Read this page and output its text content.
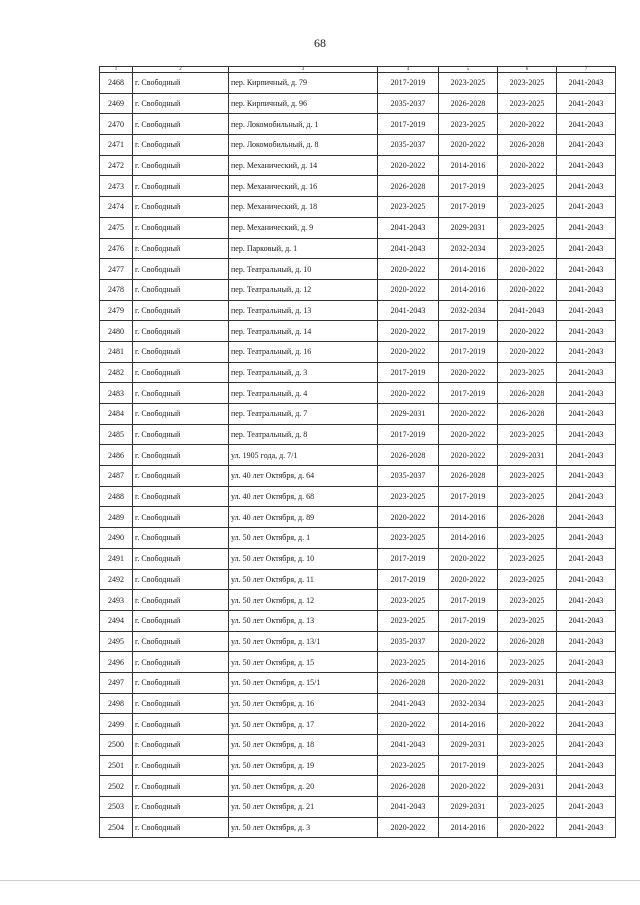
68
1	2	3	4	5	6	7
2468	г. Свободный	пер. Кирпичный, д. 79	2017-2019	2023-2025	2023-2025	2041-2043
2469	г. Свободный	пер. Кирпичный, д. 96	2035-2037	2026-2028	2023-2025	2041-2043
2470	г. Свободный	пер. Локомобильный, д. 1	2017-2019	2023-2025	2020-2022	2041-2043
2471	г. Свободный	пер. Локомобильный, д. 8	2035-2037	2020-2022	2026-2028	2041-2043
2472	г. Свободный	пер. Механический, д. 14	2020-2022	2014-2016	2020-2022	2041-2043
2473	г. Свободный	пер. Механический, д. 16	2026-2028	2017-2019	2023-2025	2041-2043
2474	г. Свободный	пер. Механический, д. 18	2023-2025	2017-2019	2023-2025	2041-2043
2475	г. Свободный	пер. Механический, д. 9	2041-2043	2029-2031	2023-2025	2041-2043
2476	г. Свободный	пер. Парковый, д. 1	2041-2043	2032-2034	2023-2025	2041-2043
2477	г. Свободный	пер. Театральный, д. 10	2020-2022	2014-2016	2020-2022	2041-2043
2478	г. Свободный	пер. Театральный, д. 12	2020-2022	2014-2016	2020-2022	2041-2043
2479	г. Свободный	пер. Театральный, д. 13	2041-2043	2032-2034	2041-2043	2041-2043
2480	г. Свободный	пер. Театральный, д. 14	2020-2022	2017-2019	2020-2022	2041-2043
2481	г. Свободный	пер. Театральный, д. 16	2020-2022	2017-2019	2020-2022	2041-2043
2482	г. Свободный	пер. Театральный, д. 3	2017-2019	2020-2022	2023-2025	2041-2043
2483	г. Свободный	пер. Театральный, д. 4	2020-2022	2017-2019	2026-2028	2041-2043
2484	г. Свободный	пер. Театральный, д. 7	2029-2031	2020-2022	2026-2028	2041-2043
2485	г. Свободный	пер. Театральный, д. 8	2017-2019	2020-2022	2023-2025	2041-2043
2486	г. Свободный	ул. 1905 года, д. 7/1	2026-2028	2020-2022	2029-2031	2041-2043
2487	г. Свободный	ул. 40 лет Октября, д. 64	2035-2037	2026-2028	2023-2025	2041-2043
2488	г. Свободный	ул. 40 лет Октября, д. 68	2023-2025	2017-2019	2023-2025	2041-2043
2489	г. Свободный	ул. 40 лет Октября, д. 89	2020-2022	2014-2016	2026-2028	2041-2043
2490	г. Свободный	ул. 50 лет Октября, д. 1	2023-2025	2014-2016	2023-2025	2041-2043
2491	г. Свободный	ул. 50 лет Октября, д. 10	2017-2019	2020-2022	2023-2025	2041-2043
2492	г. Свободный	ул. 50 лет Октября, д. 11	2017-2019	2020-2022	2023-2025	2041-2043
2493	г. Свободный	ул. 50 лет Октября, д. 12	2023-2025	2017-2019	2023-2025	2041-2043
2494	г. Свободный	ул. 50 лет Октября, д. 13	2023-2025	2017-2019	2023-2025	2041-2043
2495	г. Свободный	ул. 50 лет Октября, д. 13/1	2035-2037	2020-2022	2026-2028	2041-2043
2496	г. Свободный	ул. 50 лет Октября, д. 15	2023-2025	2014-2016	2023-2025	2041-2043
2497	г. Свободный	ул. 50 лет Октября, д. 15/1	2026-2028	2020-2022	2029-2031	2041-2043
2498	г. Свободный	ул. 50 лет Октября, д. 16	2041-2043	2032-2034	2023-2025	2041-2043
2499	г. Свободный	ул. 50 лет Октября, д. 17	2020-2022	2014-2016	2020-2022	2041-2043
2500	г. Свободный	ул. 50 лет Октября, д. 18	2041-2043	2029-2031	2023-2025	2041-2043
2501	г. Свободный	ул. 50 лет Октября, д. 19	2023-2025	2017-2019	2023-2025	2041-2043
2502	г. Свободный	ул. 50 лет Октября, д. 20	2026-2028	2020-2022	2029-2031	2041-2043
2503	г. Свободный	ул. 50 лет Октября, д. 21	2041-2043	2029-2031	2023-2025	2041-2043
2504	г. Свободный	ул. 50 лет Октября, д. 3	2020-2022	2014-2016	2020-2022	2041-2043
